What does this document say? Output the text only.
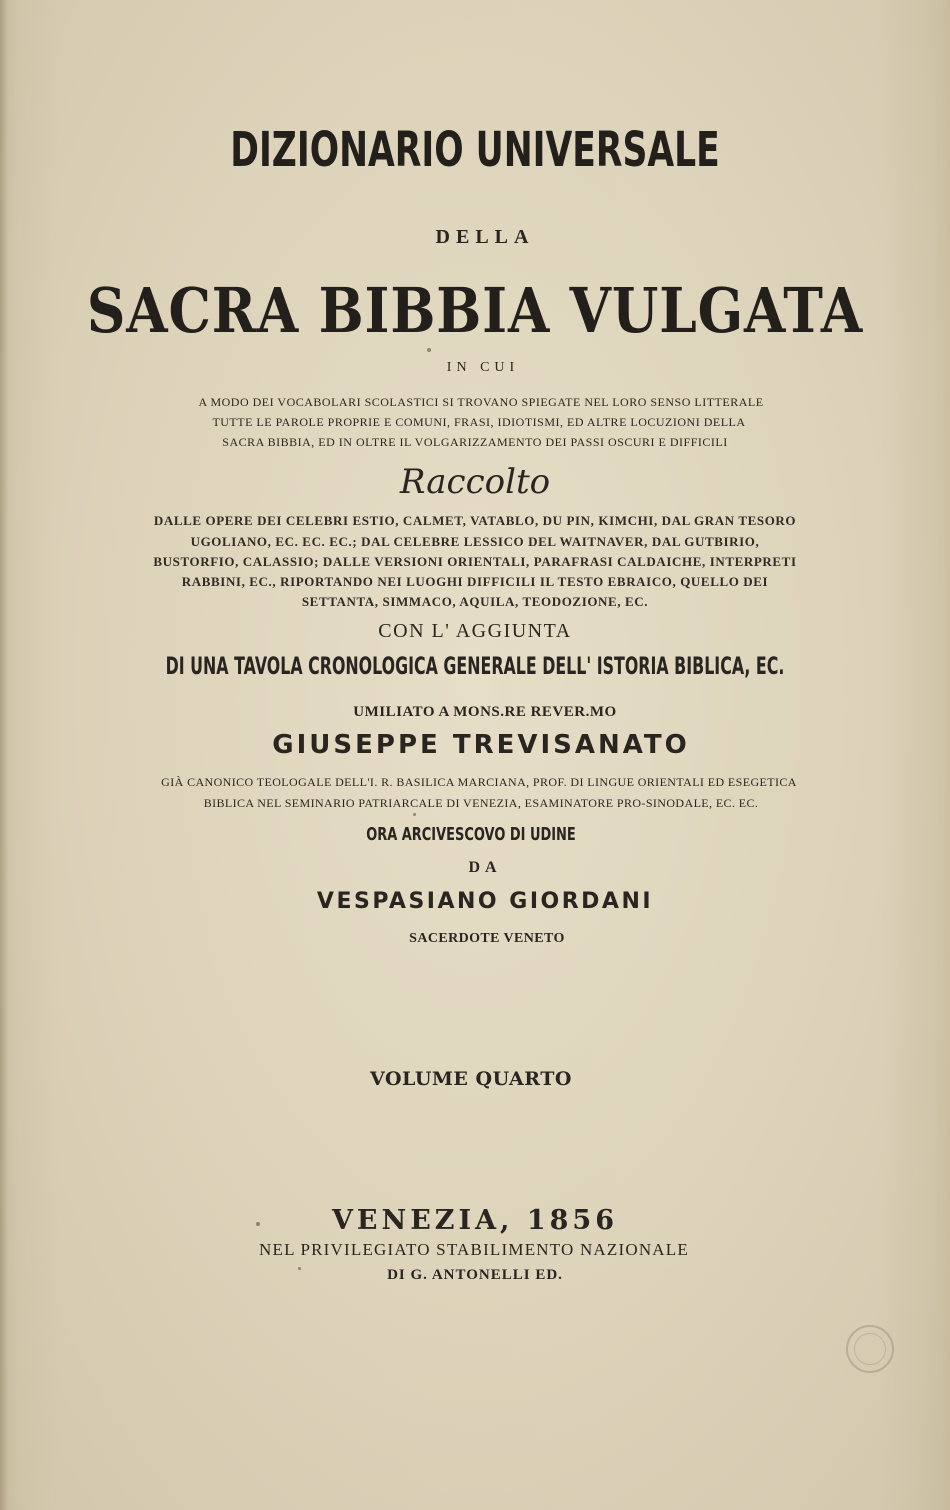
DIZIONARIO UNIVERSALE
DELLA
SACRA BIBBIA VULGATA
IN CUI
A MODO DEI VOCABOLARI SCOLASTICI SI TROVANO SPIEGATE NEL LORO SENSO LITTERALE
TUTTE LE PAROLE PROPRIE E COMUNI, FRASI, IDIOTISMI, ED ALTRE LOCUZIONI DELLA
SACRA BIBBIA, ED IN OLTRE IL VOLGARIZZAMENTO DEI PASSI OSCURI E DIFFICILI
Raccolto
DALLE OPERE DEI CELEBRI ESTIO, CALMET, VATABLO, DU PIN, KIMCHI, DAL GRAN TESORO
UGOLIANO, EC. EC. EC.; DAL CELEBRE LESSICO DEL WAITNAVER, DAL GUTBIRIO,
BUSTORFIO, CALASSIO; DALLE VERSIONI ORIENTALI, PARAFRASI CALDAICHE, INTERPRETI
RABBINI, EC., RIPORTANDO NEI LUOGHI DIFFICILI IL TESTO EBRAICO, QUELLO DEI
SETTANTA, SIMMACO, AQUILA, TEODOZIONE, EC.
CON L' AGGIUNTA
DI UNA TAVOLA CRONOLOGICA GENERALE DELL' ISTORIA BIBLICA, EC.
UMILIATO A MONS.RE REVER.MO
GIUSEPPE TREVISANATO
GIÀ CANONICO TEOLOGALE DELL'I. R. BASILICA MARCIANA, PROF. DI LINGUE ORIENTALI ED ESEGETICA
BIBLICA NEL SEMINARIO PATRIARCALE DI VENEZIA, ESAMINATORE PRO-SINODALE, EC. EC.
ORA ARCIVESCOVO DI UDINE
DA
VESPASIANO GIORDANI
SACERDOTE VENETO
VOLUME QUARTO
VENEZIA, 1856
NEL PRIVILEGIATO STABILIMENTO NAZIONALE
DI G. ANTONELLI ED.
